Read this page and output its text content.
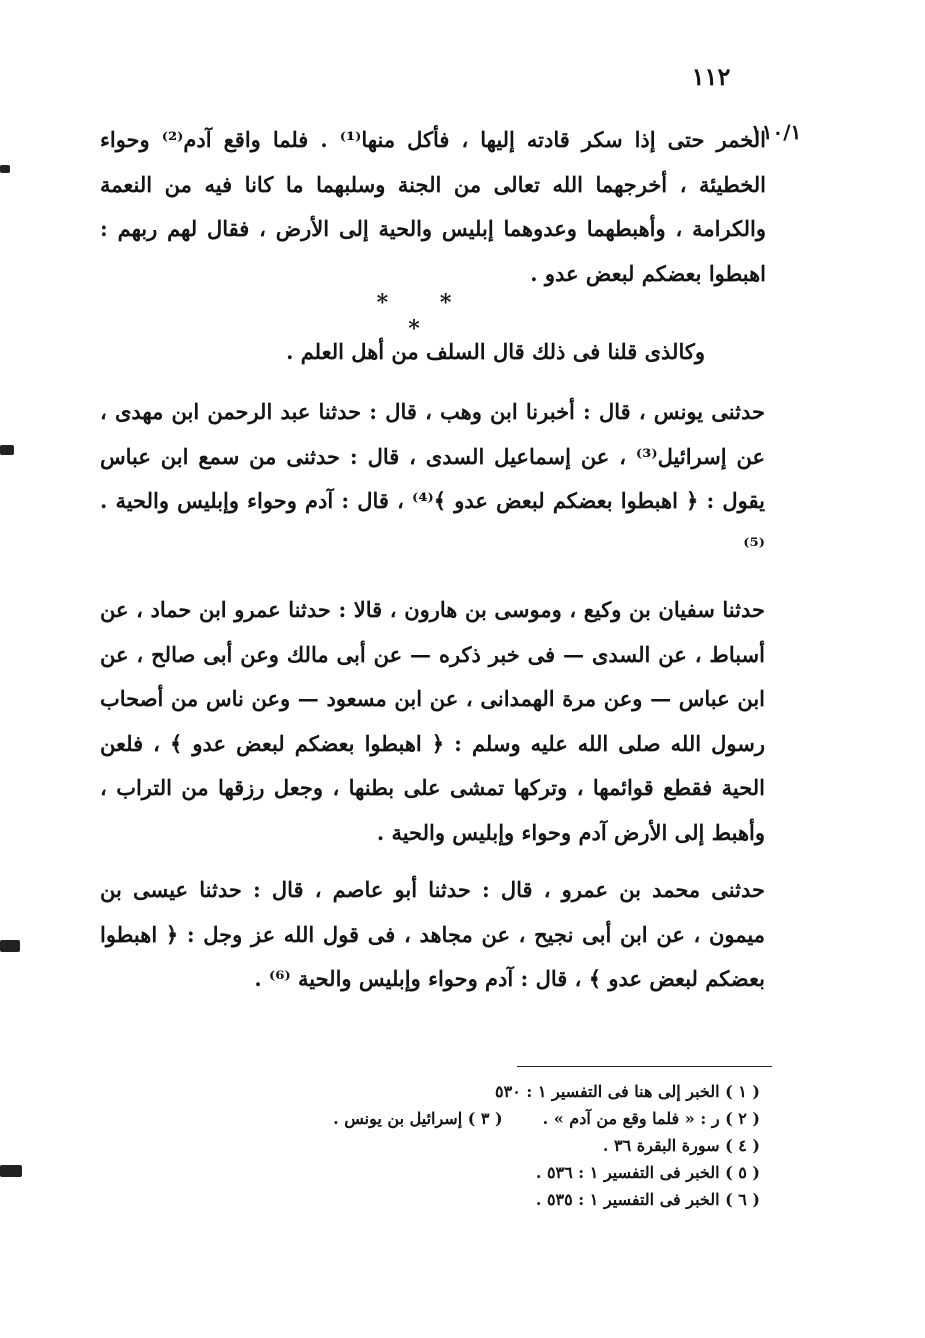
١١٢
١١٠/١
الخمر حتى إذا سكر قادته إليها ، فأكل منها⁽¹⁾ . فلما واقع آدم⁽²⁾ وحواء الخطيئة ، أخرجهما الله تعالى من الجنة وسلبهما ما كانا فيه من النعمة والكرامة ، وأهبطهما وعدوهما إبليس والحية إلى الأرض ، فقال لهم ربهم : اهبطوا بعضكم لبعض عدو .
* * *
وكالذى قلنا فى ذلك قال السلف من أهل العلم .
حدثنى يونس ، قال : أخبرنا ابن وهب ، قال : حدثنا عبد الرحمن ابن مهدى ، عن إسرائيل⁽³⁾ ، عن إسماعيل السدى ، قال : حدثنى من سمع ابن عباس يقول : ﴿ اهبطوا بعضكم لبعض عدو ﴾⁽⁴⁾ ، قال : آدم وحواء وإبليس والحية .⁽⁵⁾
حدثنا سفيان بن وكيع ، وموسى بن هارون ، قالا : حدثنا عمرو ابن حماد ، عن أسباط ، عن السدى — فى خبر ذكره — عن أبى مالك وعن أبى صالح ، عن ابن عباس — وعن مرة الهمدانى ، عن ابن مسعود — وعن ناس من أصحاب رسول الله صلى الله عليه وسلم : ﴿ اهبطوا بعضكم لبعض عدو ﴾ ، فلعن الحية فقطع قوائمها ، وتركها تمشى على بطنها ، وجعل رزقها من التراب ، وأهبط إلى الأرض آدم وحواء وإبليس والحية .
حدثنى محمد بن عمرو ، قال : حدثنا أبو عاصم ، قال : حدثنا عيسى بن ميمون ، عن ابن أبى نجيح ، عن مجاهد ، فى قول الله عز وجل : ﴿ اهبطوا بعضكم لبعض عدو ﴾ ، قال : آدم وحواء وإبليس والحية ⁽⁶⁾ .
( ١ ) الخبر إلى هنا فى التفسير ١ : ٥٣٠
( ٢ ) ر : « فلما وقع من آدم » .( ٣ ) إسرائيل بن يونس .
( ٤ ) سورة البقرة ٣٦ .
( ٥ ) الخبر فى التفسير ١ : ٥٣٦ .
( ٦ ) الخبر فى التفسير ١ : ٥٣٥ .
